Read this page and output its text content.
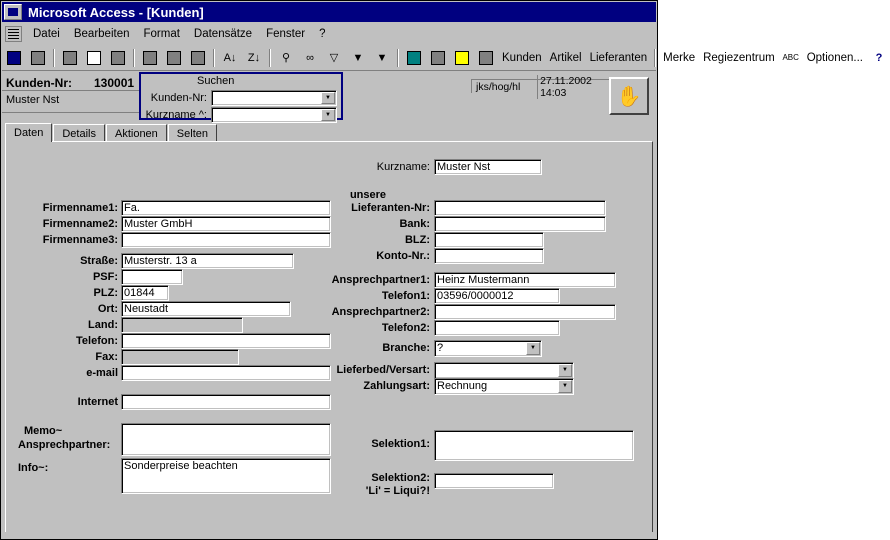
Microsoft Access - [Kunden]
Datei	Bearbeiten	Format	Datensätze	Fenster	?
A↓	Z↓	⚲	∞	▽	▼	▼	Kunden Artikel Lieferanten	Merke Regiezentrum ABC Optionen...	?
Kunden-Nr: 130001
Muster Nst
Suchen
Kunden-Nr:	▼
Kurzname ^:	▼
jks/hog/hl	27.11.2002 14:03	✋
Daten	Details	Aktionen	Selten
Kurzname: Muster Nst
Firmenname1: Fa.
Firmenname2: Muster GmbH
Firmenname3:
Straße: Musterstr. 13 a
PSF:
PLZ: 01844
Ort: Neustadt
Land:
Telefon:
Fax:
e-mail
Internet
unsere
Lieferanten-Nr:
Bank:
BLZ:
Konto-Nr.:
Ansprechpartner1: Heinz Mustermann
Telefon1: 03596/0000012
Ansprechpartner2:
Telefon2:
Branche: ?	▼
Lieferbed/Versart:	▼
Zahlungsart: Rechnung	▼
Memo~
Ansprechpartner:
Info~:	Sonderpreise beachten
Selektion1:
Selektion2:
'Li' = Liqui?!
